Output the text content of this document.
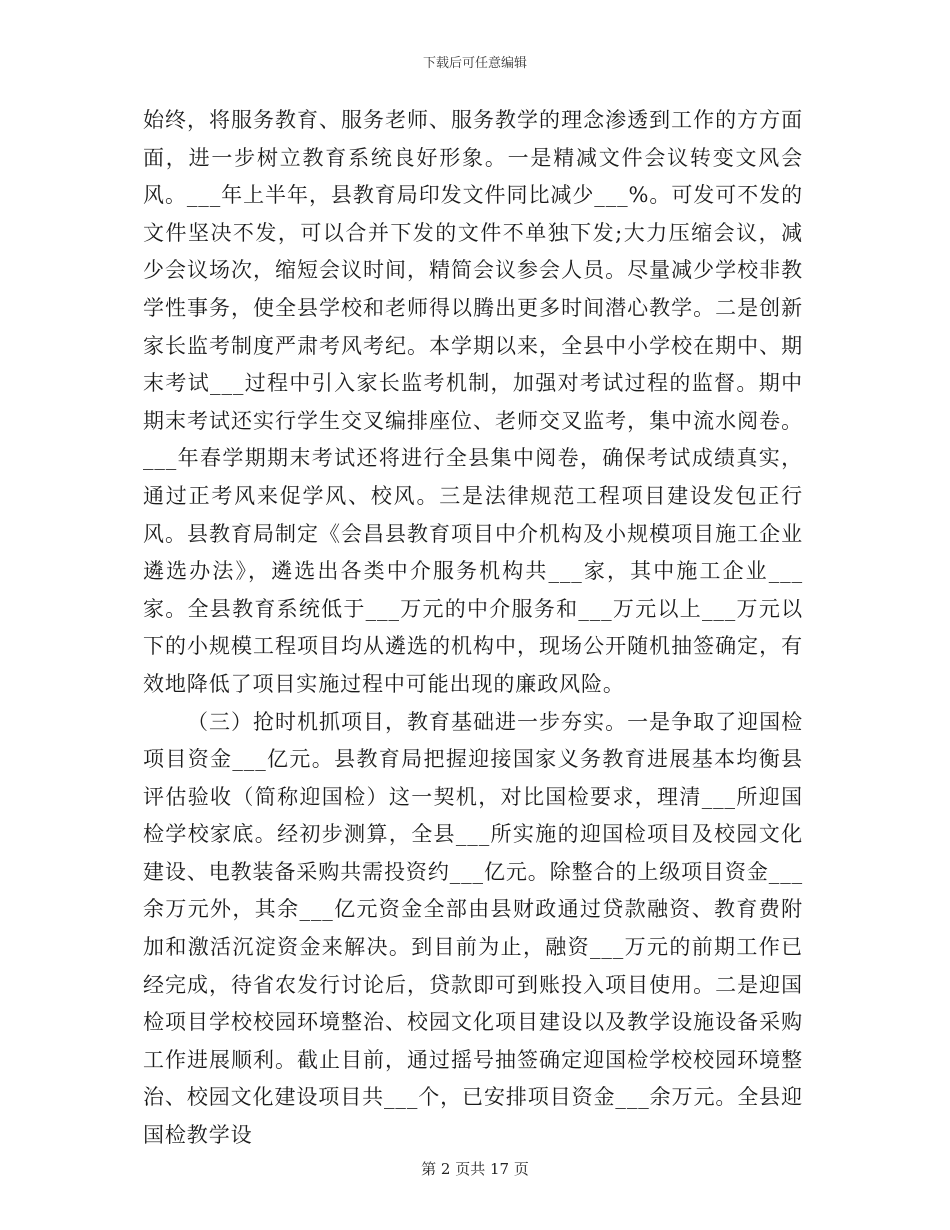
下载后可任意编辑

始终，将服务教育、服务老师、服务教学的理念渗透到工作的方方面面，进一步树立教育系统良好形象。一是精减文件会议转变文风会风。___年上半年，县教育局印发文件同比减少___%。可发可不发的文件坚决不发，可以合并下发的文件不单独下发;大力压缩会议，减少会议场次，缩短会议时间，精简会议参会人员。尽量减少学校非教学性事务，使全县学校和老师得以腾出更多时间潜心教学。二是创新家长监考制度严肃考风考纪。本学期以来，全县中小学校在期中、期末考试___过程中引入家长监考机制，加强对考试过程的监督。期中期末考试还实行学生交叉编排座位、老师交叉监考，集中流水阅卷。___年春学期期末考试还将进行全县集中阅卷，确保考试成绩真实，通过正考风来促学风、校风。三是法律规范工程项目建设发包正行风。县教育局制定《会昌县教育项目中介机构及小规模项目施工企业遴选办法》，遴选出各类中介服务机构共___家，其中施工企业___家。全县教育系统低于___万元的中介服务和___万元以上___万元以下的小规模工程项目均从遴选的机构中，现场公开随机抽签确定，有效地降低了项目实施过程中可能出现的廉政风险。

（三）抢时机抓项目，教育基础进一步夯实。一是争取了迎国检项目资金___亿元。县教育局把握迎接国家义务教育进展基本均衡县评估验收（简称迎国检）这一契机，对比国检要求，理清___所迎国检学校家底。经初步测算，全县___所实施的迎国检项目及校园文化建设、电教装备采购共需投资约___亿元。除整合的上级项目资金___余万元外，其余___亿元资金全部由县财政通过贷款融资、教育费附加和激活沉淀资金来解决。到目前为止，融资___万元的前期工作已经完成，待省农发行讨论后，贷款即可到账投入项目使用。二是迎国检项目学校校园环境整治、校园文化项目建设以及教学设施设备采购工作进展顺利。截止目前，通过摇号抽签确定迎国检学校校园环境整治、校园文化建设项目共___个，已安排项目资金___余万元。全县迎国检教学设

第 2 页共 17 页
